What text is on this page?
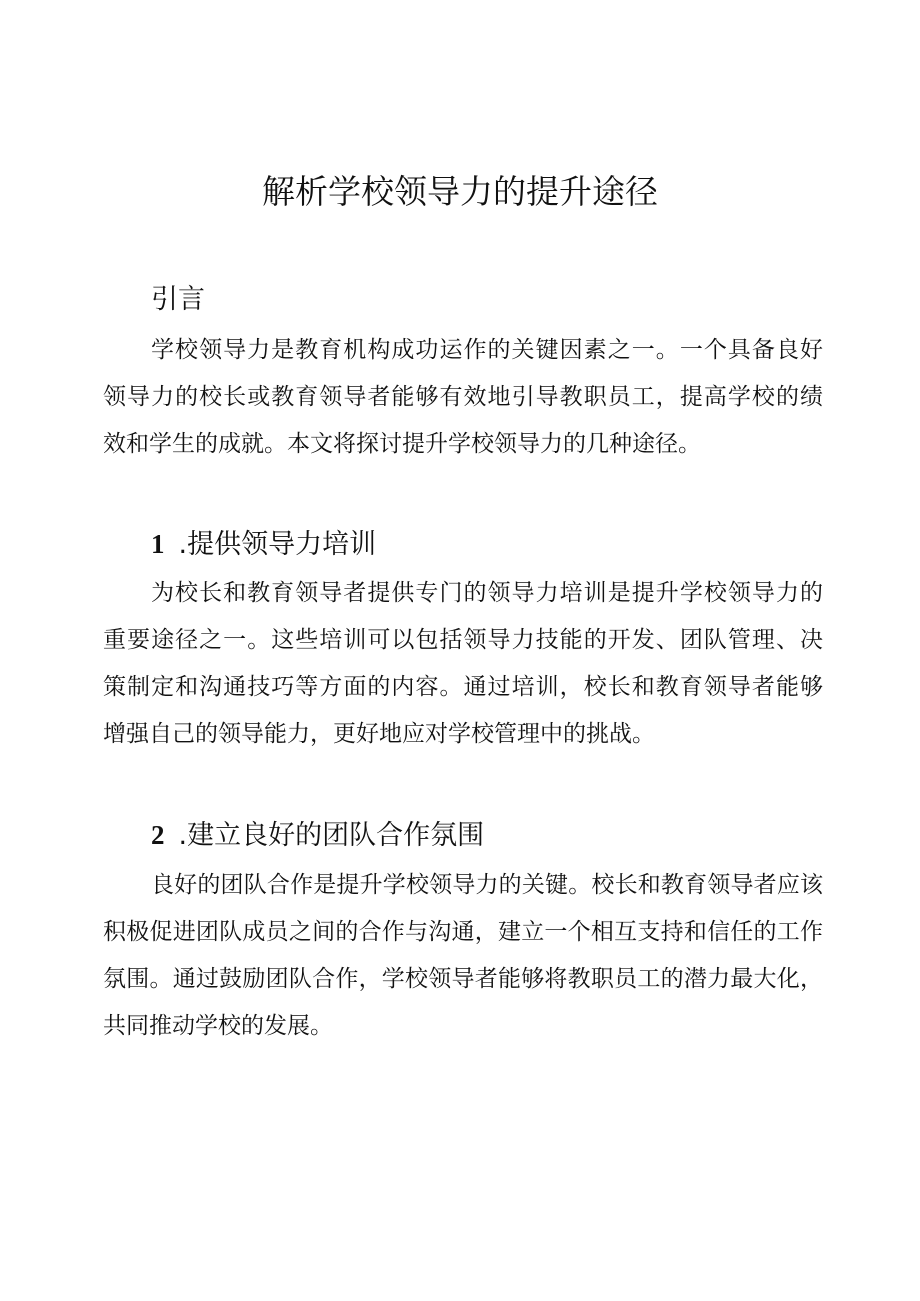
解析学校领导力的提升途径
引言
学校领导力是教育机构成功运作的关键因素之一。一个具备良好
领导力的校长或教育领导者能够有效地引导教职员工，提高学校的绩
效和学生的成就。本文将探讨提升学校领导力的几种途径。
1 .提供领导力培训
为校长和教育领导者提供专门的领导力培训是提升学校领导力的
重要途径之一。这些培训可以包括领导力技能的开发、团队管理、决
策制定和沟通技巧等方面的内容。通过培训，校长和教育领导者能够
增强自己的领导能力，更好地应对学校管理中的挑战。
2 .建立良好的团队合作氛围
良好的团队合作是提升学校领导力的关键。校长和教育领导者应该
积极促进团队成员之间的合作与沟通，建立一个相互支持和信任的工作
氛围。通过鼓励团队合作，学校领导者能够将教职员工的潜力最大化，
共同推动学校的发展。
